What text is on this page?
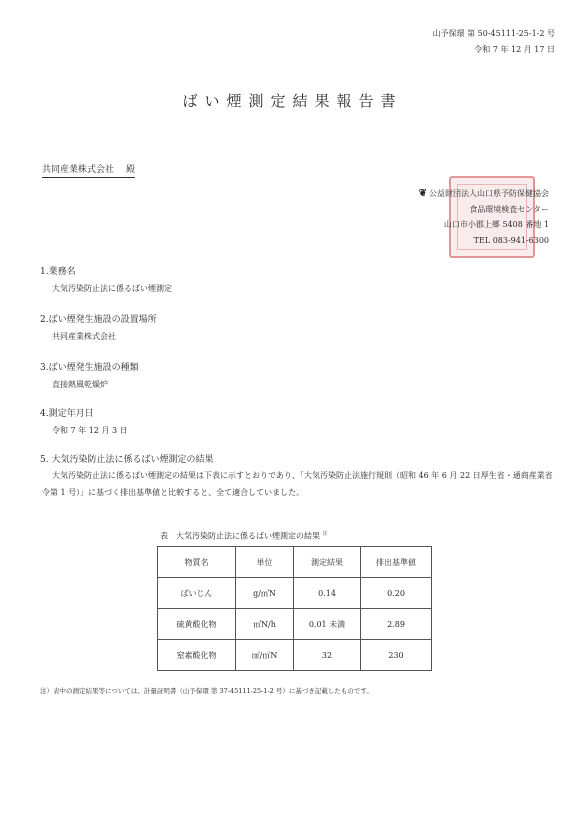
山予保環 第 50-45111-25-1-2 号
令和 7 年 12 月 17 日
ばい煙測定結果報告書
共同産業株式会社 殿
❦ 公益財団法人山口県予防保健協会
食品環境検査センター
山口市小郡上郷 5408 番地 1
TEL 083-941-6300
1.業務名
大気汚染防止法に係るばい煙測定
2.ばい煙発生施設の設置場所
共同産業株式会社
3.ばい煙発生施設の種類
直接熱風乾燥炉
4.測定年月日
令和 7 年 12 月 3 日
5. 大気汚染防止法に係るばい煙測定の結果
大気汚染防止法に係るばい煙測定の結果は下表に示すとおりであり、「大気汚染防止法施行規則（昭和 46 年 6 月 22 日厚生省・通商産業省令第 1 号）」に基づく排出基準値と比較すると、全て適合していました。
表　大気汚染防止法に係るばい煙測定の結果 $^注$
物質名	単位	測定結果	排出基準値
ばいじん	g/㎥N	0.14	0.20
硫黄酸化物	㎥N/h	0.01 未満	2.89
窒素酸化物	㎤/㎥N	32	230
注）表中の測定結果等については、計量証明書（山予保環 第 37-45111-25-1-2 号）に基づき記載したものです。
